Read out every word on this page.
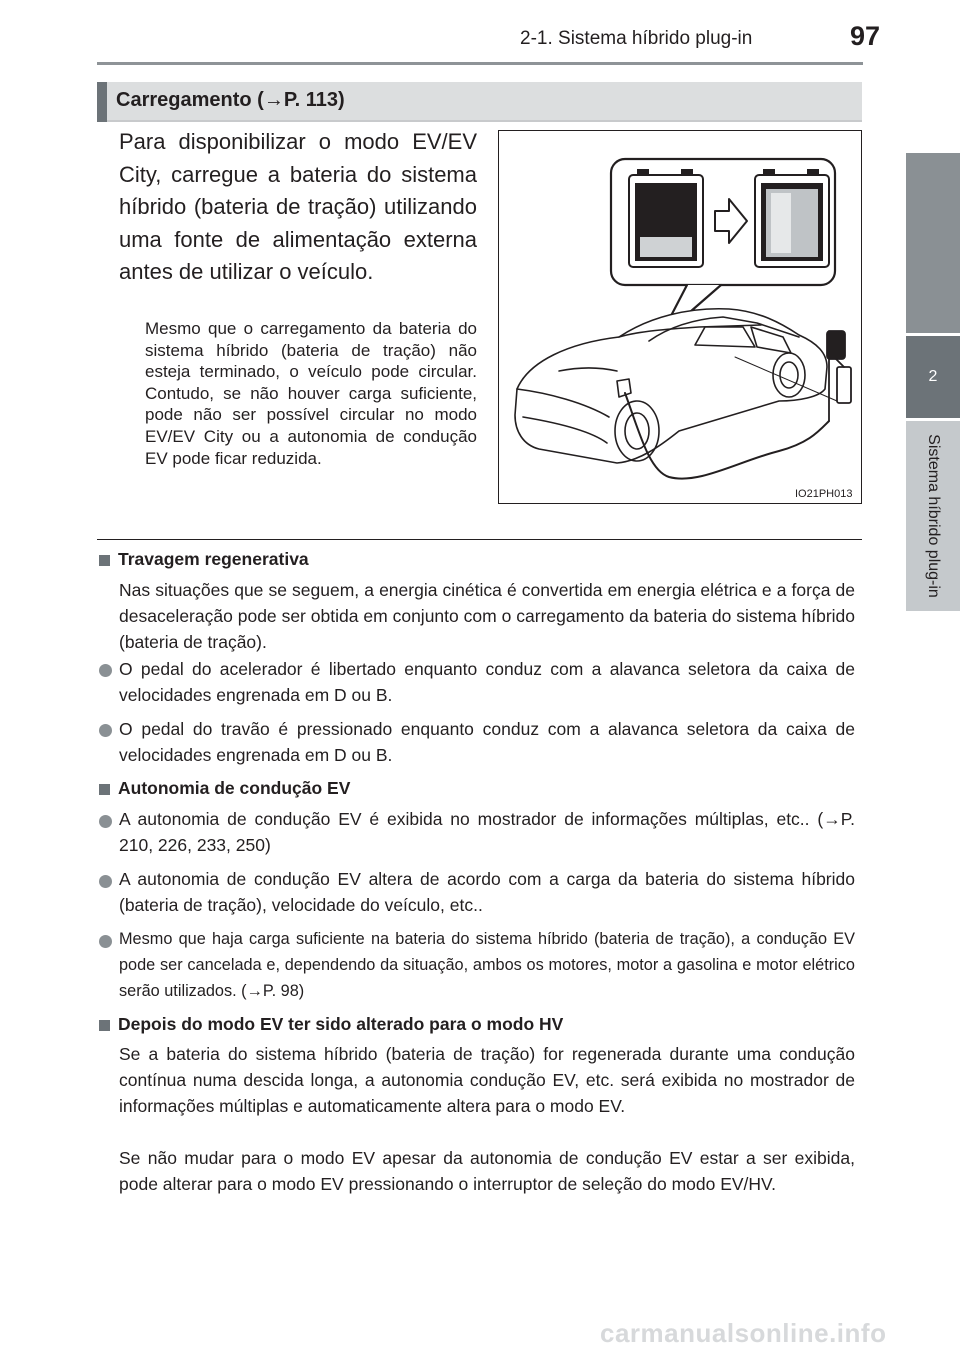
2-1. Sistema híbrido plug-in	97
2
Sistema híbrido plug-in
Carregamento (→P. 113)
Para disponibilizar o modo EV/EV City, carregue a bateria do sistema híbrido (bateria de tração) utilizando uma fonte de alimentação externa antes de utilizar o veículo.
Mesmo que o carregamento da bateria do sistema híbrido (bateria de tração) não esteja terminado, o veículo pode circular. Contudo, se não houver carga suficiente, pode não ser possível circular no modo EV/EV City ou a autonomia de condução EV pode ficar reduzida.
IO21PH013
Travagem regenerativa
Nas situações que se seguem, a energia cinética é convertida em energia elétrica e a força de desaceleração pode ser obtida em conjunto com o carregamento da bateria do sistema híbrido (bateria de tração).
O pedal do acelerador é libertado enquanto conduz com a alavanca seletora da caixa de velocidades engrenada em D ou B.
O pedal do travão é pressionado enquanto conduz com a alavanca seletora da caixa de velocidades engrenada em D ou B.
Autonomia de condução EV
A autonomia de condução EV é exibida no mostrador de informações múltiplas, etc.. (→P. 210, 226, 233, 250)
A autonomia de condução EV altera de acordo com a carga da bateria do sistema híbrido (bateria de tração), velocidade do veículo, etc..
Mesmo que haja carga suficiente na bateria do sistema híbrido (bateria de tração), a condução EV pode ser cancelada e, dependendo da situação, ambos os motores, motor a gasolina e motor elétrico serão utilizados. (→P. 98)
Depois do modo EV ter sido alterado para o modo HV
Se a bateria do sistema híbrido (bateria de tração) for regenerada durante uma condução contínua numa descida longa, a autonomia condução EV, etc. será exibida no mostrador de informações múltiplas e automaticamente altera para o modo EV.
Se não mudar para o modo EV apesar da autonomia de condução EV estar a ser exibida, pode alterar para o modo EV pressionando o interruptor de seleção do modo EV/HV.
carmanualsonline.info
